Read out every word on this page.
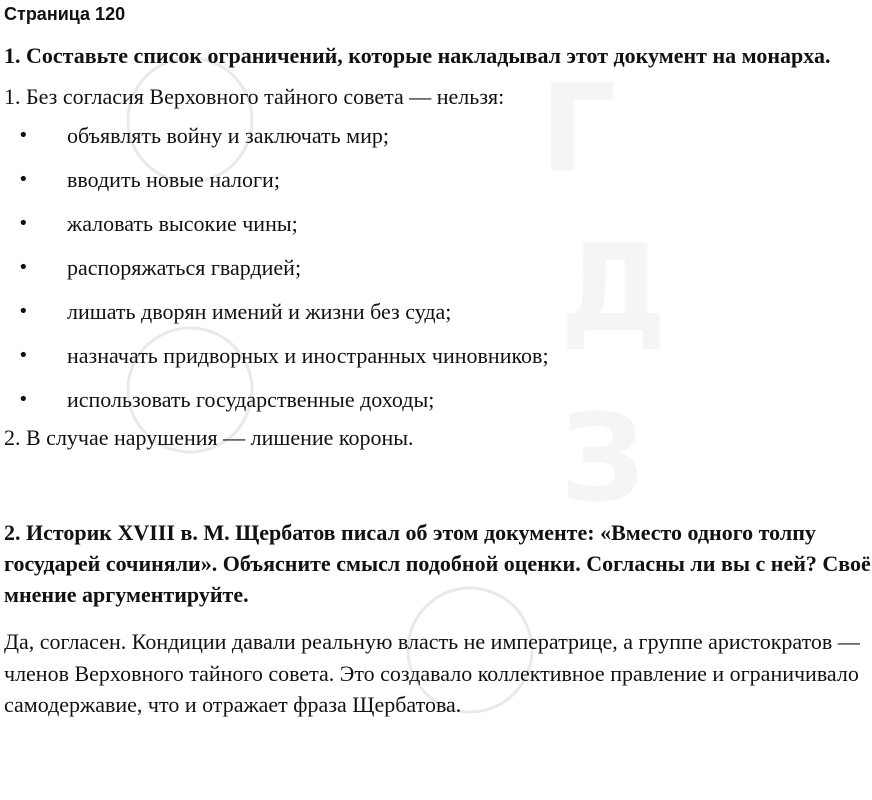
Г
Д
З
Страница 120
1. Составьте список ограничений, которые накладывал этот документ на монарха.
1. Без согласия Верховного тайного совета — нельзя:
• объявлять войну и заключать мир;
• вводить новые налоги;
• жаловать высокие чины;
• распоряжаться гвардией;
• лишать дворян имений и жизни без суда;
• назначать придворных и иностранных чиновников;
• использовать государственные доходы;
2. В случае нарушения — лишение короны.
2. Историк XVIII в. М. Щербатов писал об этом документе: «Вместо одного толпу государей сочиняли». Объясните смысл подобной оценки. Согласны ли вы с ней? Своё мнение аргументируйте.
Да, согласен. Кондиции давали реальную власть не императрице, а группе аристократов — членов Верховного тайного совета. Это создавало коллективное правление и ограничивало самодержавие, что и отражает фраза Щербатова.
